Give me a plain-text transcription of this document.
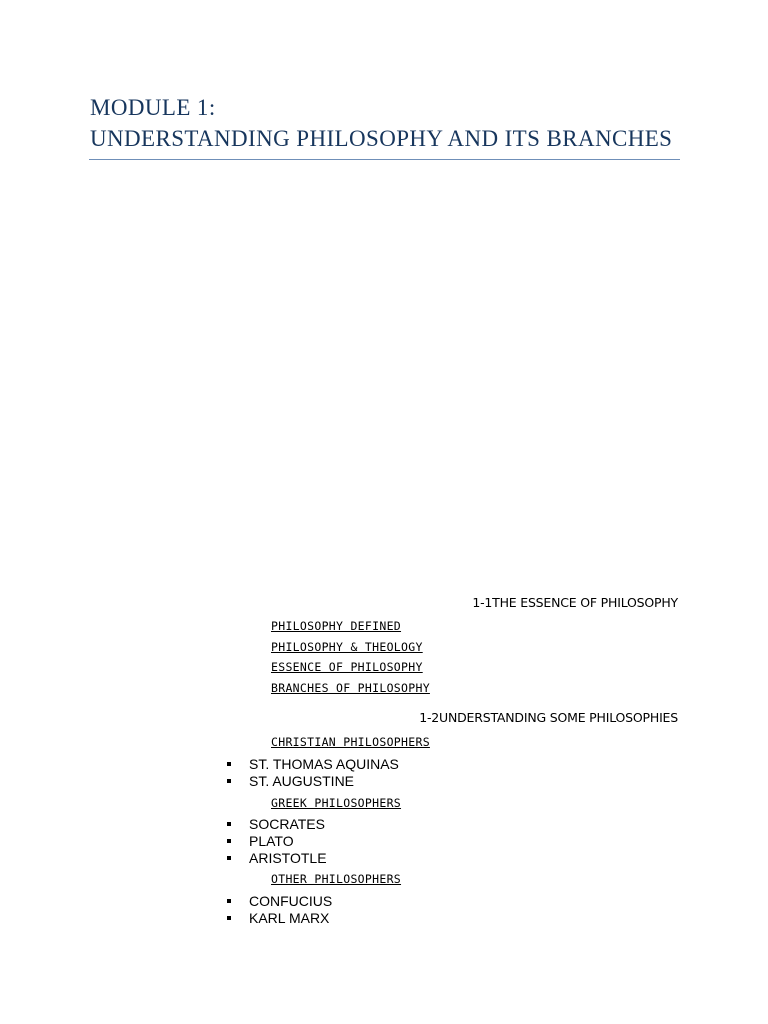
MODULE 1:
UNDERSTANDING PHILOSOPHY AND ITS BRANCHES
1-1THE ESSENCE OF PHILOSOPHY
PHILOSOPHY DEFINED
PHILOSOPHY & THEOLOGY
ESSENCE OF PHILOSOPHY
BRANCHES OF PHILOSOPHY
1-2UNDERSTANDING SOME PHILOSOPHIES
CHRISTIAN PHILOSOPHERS
ST. THOMAS AQUINAS
ST. AUGUSTINE
GREEK PHILOSOPHERS
SOCRATES
PLATO
ARISTOTLE
OTHER PHILOSOPHERS
CONFUCIUS
KARL MARX
